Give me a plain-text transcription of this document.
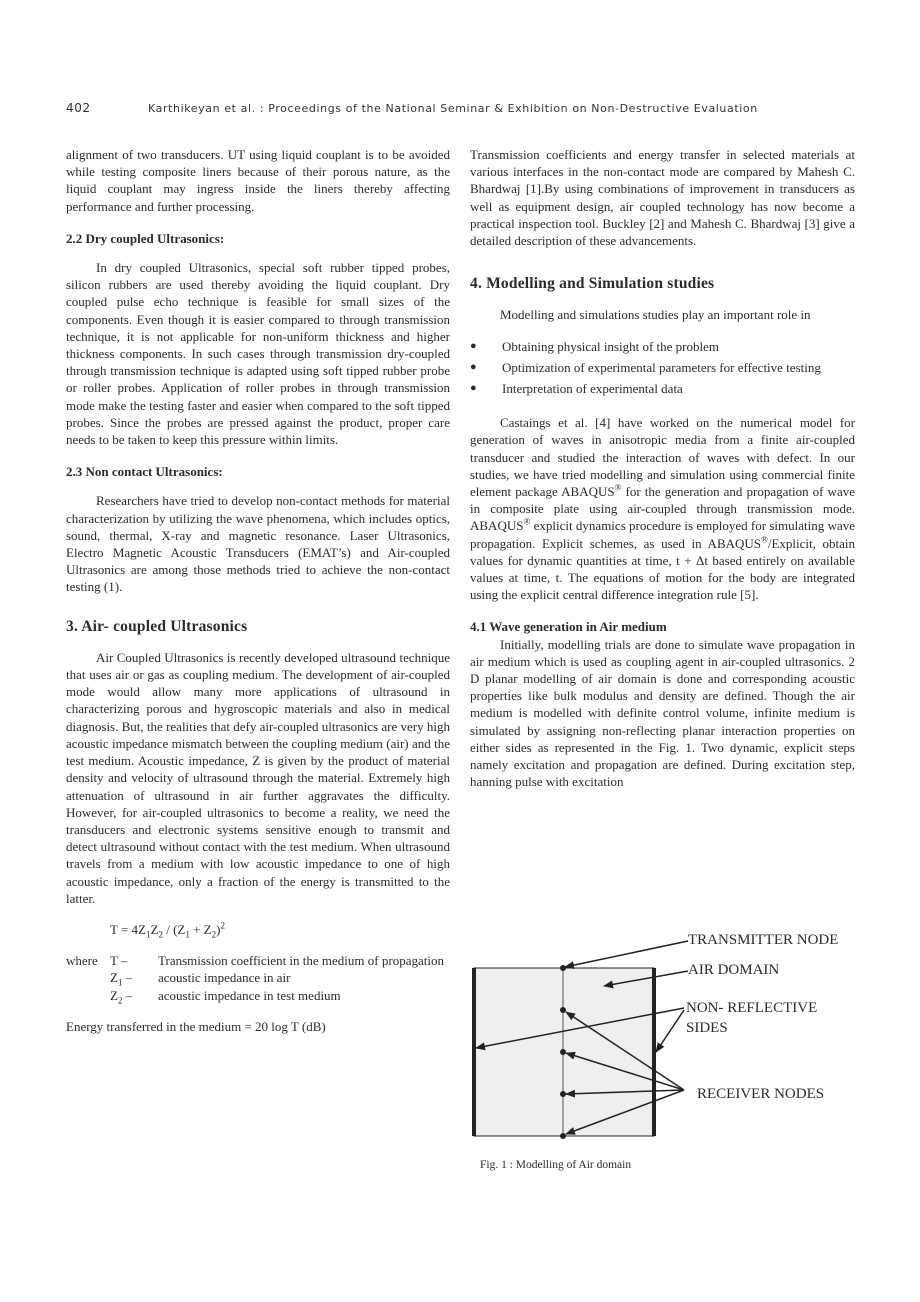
402	Karthikeyan et al. : Proceedings of the National Seminar & Exhibition on Non-Destructive Evaluation

alignment of two transducers. UT using liquid couplant is to be avoided while testing composite liners because of their porous nature, as the liquid couplant may ingress inside the liners thereby affecting performance and further processing.

2.2 Dry coupled Ultrasonics:

In dry coupled Ultrasonics, special soft rubber tipped probes, silicon rubbers are used thereby avoiding the liquid couplant. Dry coupled pulse echo technique is feasible for small sizes of the components. Even though it is easier compared to through transmission technique, it is not applicable for non-uniform thickness and higher thickness components. In such cases through transmission dry-coupled through transmission technique is adapted using soft tipped rubber probe or roller probes. Application of roller probes in through transmission mode make the testing faster and easier when compared to the soft tipped probes. Since the probes are pressed against the product, proper care needs to be taken to keep this pressure within limits.

2.3 Non contact Ultrasonics:

Researchers have tried to develop non-contact methods for material characterization by utilizing the wave phenomena, which includes optics, sound, thermal, X-ray and magnetic resonance. Laser Ultrasonics, Electro Magnetic Acoustic Transducers (EMAT’s) and Air-coupled Ultrasonics are among those methods tried to achieve the non-contact testing (1).

3. Air- coupled Ultrasonics

Air Coupled Ultrasonics is recently developed ultrasound technique that uses air or gas as coupling medium. The development of air-coupled mode would allow many more applications of ultrasound in characterizing porous and hygroscopic materials and also in medical diagnosis. But, the realities that defy air-coupled ultrasonics are very high acoustic impedance mismatch between the coupling medium (air) and the test medium. Acoustic impedance, Z is given by the product of material density and velocity of ultrasound through the material. Extremely high attenuation of ultrasound in air further aggravates the difficulty. However, for air-coupled ultrasonics to become a reality, we need the transducers and electronic systems sensitive enough to transmit and detect ultrasound without contact with the test medium. When ultrasound travels from a medium with low acoustic impedance to one of high acoustic impedance, only a fraction of the energy is transmitted to the latter.

$T = 4Z_1Z_2 / (Z_1 + Z_2)^2$

where T –	Transmission coefficient in the medium of propagation
$Z_1$ –	acoustic impedance in air
$Z_2$ –	acoustic impedance in test medium

Energy transferred in the medium = 20 log T (dB)

Transmission coefficients and energy transfer in selected materials at various interfaces in the non-contact mode are compared by Mahesh C. Bhardwaj [1].By using combinations of improvement in transducers as well as equipment design, air coupled technology has now become a practical inspection tool. Buckley [2] and Mahesh C. Bhardwaj [3] give a detailed description of these advancements.

4. Modelling and Simulation studies

Modelling and simulations studies play an important role in

●	Obtaining physical insight of the problem
●	Optimization of experimental parameters for effective testing
●	Interpretation of experimental data

Castaings et al. [4] have worked on the numerical model for generation of waves in anisotropic media from a finite air-coupled transducer and studied the interaction of waves with defect. In our studies, we have tried modelling and simulation using commercial finite element package ABAQUS® for the generation and propagation of wave in composite plate using air-coupled through transmission mode. ABAQUS® explicit dynamics procedure is employed for simulating wave propagation. Explicit schemes, as used in ABAQUS®/Explicit, obtain values for dynamic quantities at time, t + Δt based entirely on available values at time, t. The equations of motion for the body are integrated using the explicit central difference integration rule [5].

4.1 Wave generation in Air medium

Initially, modelling trials are done to simulate wave propagation in air medium which is used as coupling agent in air-coupled ultrasonics. 2 D planar modelling of air domain is done and corresponding acoustic properties like bulk modulus and density are defined. Though the air medium is modelled with definite control volume, infinite medium is simulated by assigning non-reflecting planar interaction properties on either sides as represented in the Fig. 1. Two dynamic, explicit steps namely excitation and propagation are defined. During excitation step, hanning pulse with excitation

TRANSMITTER NODE
AIR DOMAIN
NON- REFLECTIVE
SIDES
RECEIVER NODES
Fig. 1 : Modelling of Air domain
